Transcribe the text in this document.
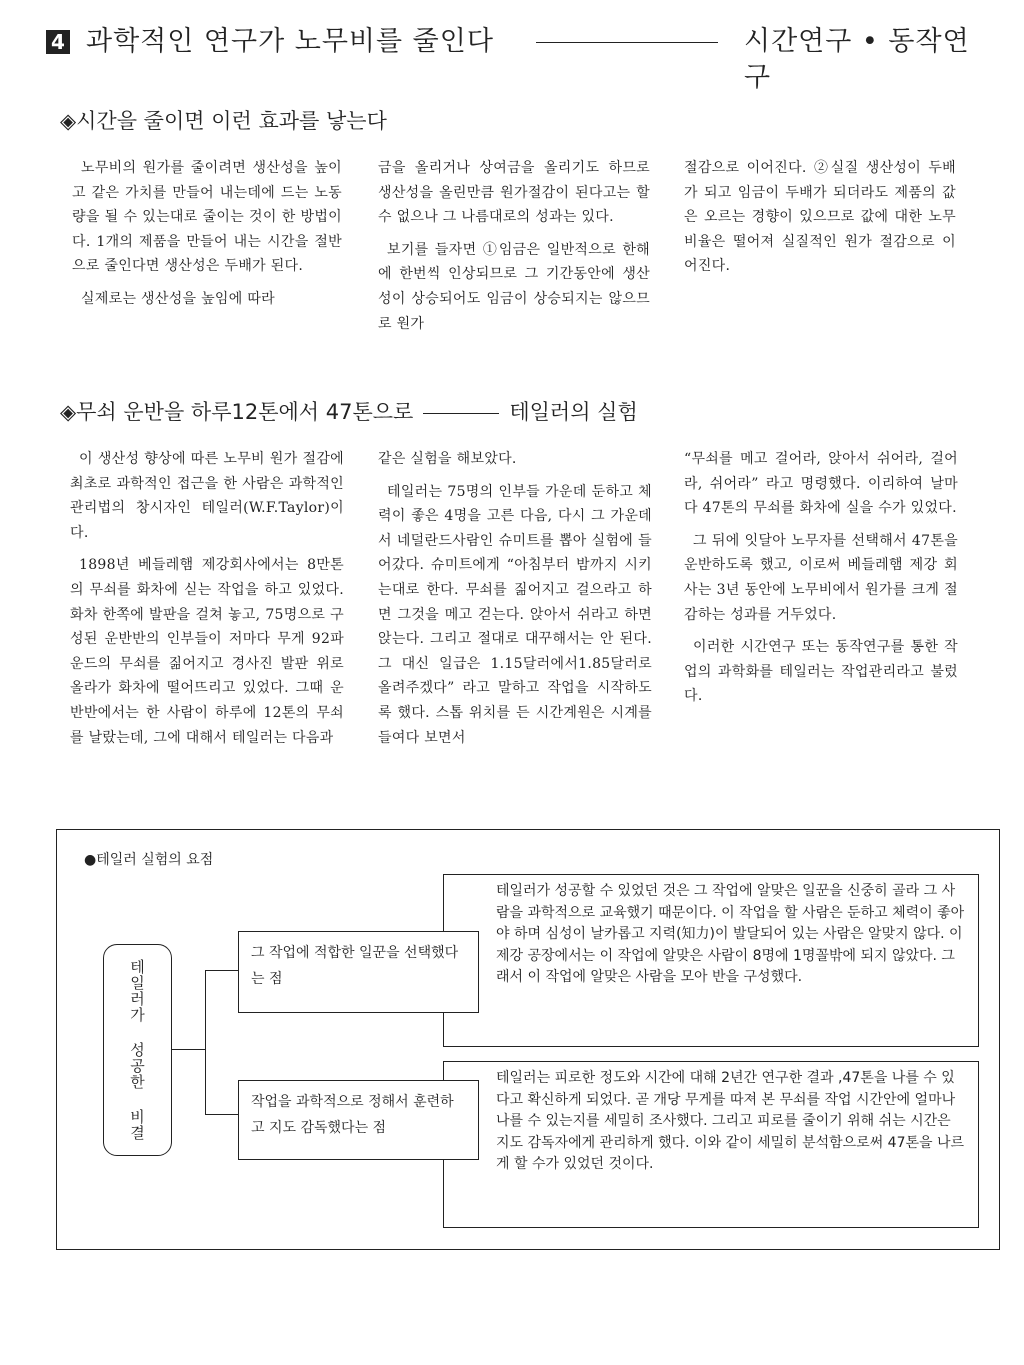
4 과학적인 연구가 노무비를 줄인다	시간연구 • 동작연구
◈시간을 줄이면 이런 효과를 낳는다

노무비의 원가를 줄이려면 생산성을 높이고 같은 가치를 만들어 내는데에 드는 노동량을 될 수 있는대로 줄이는 것이 한 방법이다. 1개의 제품을 만들어 내는 시간을 절반으로 줄인다면 생산성은 두배가 된다.

실제로는 생산성을 높임에 따라

금을 올리거나 상여금을 올리기도 하므로 생산성을 올린만큼 원가절감이 된다고는 할 수 없으나 그 나름대로의 성과는 있다.

보기를 들자면 ①임금은 일반적으로 한해에 한번씩 인상되므로 그 기간동안에 생산성이 상승되어도 임금이 상승되지는 않으므로 원가

절감으로 이어진다. ②실질 생산성이 두배가 되고 임금이 두배가 되더라도 제품의 값은 오르는 경향이 있으므로 값에 대한 노무 비율은 떨어져 실질적인 원가 절감으로 이어진다.

◈무쇠 운반을 하루12톤에서 47톤으로	테일러의 실험

이 생산성 향상에 따른 노무비 원가 절감에 최초로 과학적인 접근을 한 사람은 과학적인 관리법의 창시자인 테일러(W.F.Taylor)이다.

1898년 베들레햄 제강회사에서는 8만톤의 무쇠를 화차에 싣는 작업을 하고 있었다. 화차 한쪽에 발판을 걸쳐 놓고, 75명으로 구성된 운반반의 인부들이 저마다 무게 92파운드의 무쇠를 짊어지고 경사진 발판 위로 올라가 화차에 떨어뜨리고 있었다. 그때 운반반에서는 한 사람이 하루에 12톤의 무쇠를 날랐는데, 그에 대해서 테일러는 다음과

같은 실험을 해보았다.

테일러는 75명의 인부들 가운데 둔하고 체력이 좋은 4명을 고른 다음, 다시 그 가운데서 네덜란드사람인 슈미트를 뽑아 실험에 들어갔다. 슈미트에게 “아침부터 밤까지 시키는대로 한다. 무쇠를 짊어지고 걸으라고 하면 그것을 메고 걷는다. 앉아서 쉬라고 하면 앉는다. 그리고 절대로 대꾸해서는 안 된다. 그 대신 일급은 1.15달러에서1.85달러로 올려주겠다” 라고 말하고 작업을 시작하도록 했다. 스톱 위치를 든 시간계원은 시계를 들여다 보면서

“무쇠를 메고 걸어라, 앉아서 쉬어라, 걸어라, 쉬어라” 라고 명령했다. 이리하여 날마다 47톤의 무쇠를 화차에 실을 수가 있었다.

그 뒤에 잇달아 노무자를 선택해서 47톤을 운반하도록 했고, 이로써 베들레햄 제강 회사는 3년 동안에 노무비에서 원가를 크게 절감하는 성과를 거두었다.

이러한 시간연구 또는 동작연구를 통한 작업의 과학화를 테일러는 작업관리라고 불렀다.

●테일러 실험의 요점
테일러가 성공한 비결
테일러가 성공할 수 있었던 것은 그 작업에 알맞은 일꾼을 신중히 골라 그 사람을 과학적으로 교육했기 때문이다. 이 작업을 할 사람은 둔하고 체력이 좋아야 하며 심성이 날카롭고 지력(知力)이 발달되어 있는 사람은 알맞지 않다. 이 제강 공장에서는 이 작업에 알맞은 사람이 8명에 1명꼴밖에 되지 않았다. 그래서 이 작업에 알맞은 사람을 모아 반을 구성했다.
테일러는 피로한 정도와 시간에 대해 2년간 연구한 결과 ,47톤을 나를 수 있다고 확신하게 되었다. 곧 개당 무게를 따져 본 무쇠를 작업 시간안에 얼마나 나를 수 있는지를 세밀히 조사했다. 그리고 피로를 줄이기 위해 쉬는 시간은 지도 감독자에게 관리하게 했다. 이와 같이 세밀히 분석함으로써 47톤을 나르게 할 수가 있었던 것이다.
그 작업에 적합한 일꾼을 선택했다는 점
작업을 과학적으로 정해서 훈련하고 지도 감독했다는 점
